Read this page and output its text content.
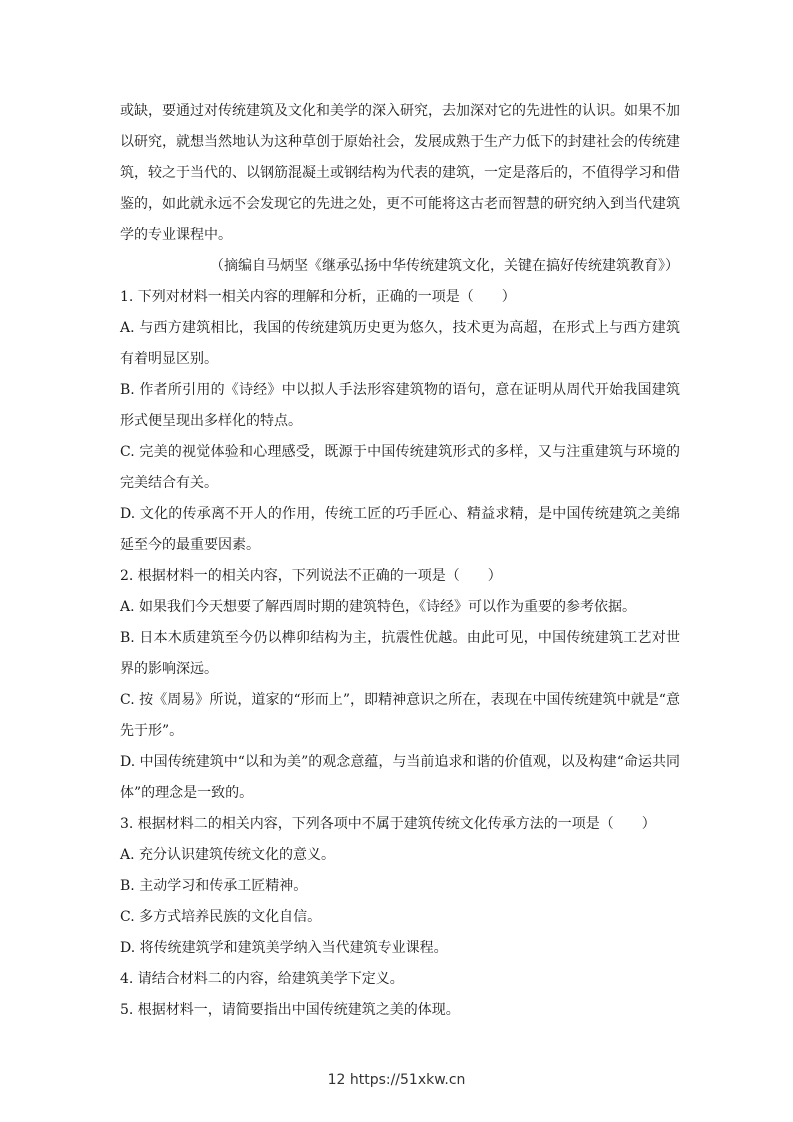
或缺，要通过对传统建筑及文化和美学的深入研究，去加深对它的先进性的认识。如果不加以研究，就想当然地认为这种草创于原始社会，发展成熟于生产力低下的封建社会的传统建筑，较之于当代的、以钢筋混凝土或钢结构为代表的建筑，一定是落后的，不值得学习和借鉴的，如此就永远不会发现它的先进之处，更不可能将这古老而智慧的研究纳入到当代建筑学的专业课程中。

（摘编自马炳坚《继承弘扬中华传统建筑文化，关键在搞好传统建筑教育》）

1. 下列对材料一相关内容的理解和分析，正确的一项是（　　）

A. 与西方建筑相比，我国的传统建筑历史更为悠久，技术更为高超，在形式上与西方建筑有着明显区别。

B. 作者所引用的《诗经》中以拟人手法形容建筑物的语句，意在证明从周代开始我国建筑形式便呈现出多样化的特点。

C. 完美的视觉体验和心理感受，既源于中国传统建筑形式的多样，又与注重建筑与环境的完美结合有关。

D. 文化的传承离不开人的作用，传统工匠的巧手匠心、精益求精，是中国传统建筑之美绵延至今的最重要因素。

2. 根据材料一的相关内容，下列说法不正确的一项是（　　）

A. 如果我们今天想要了解西周时期的建筑特色，《诗经》可以作为重要的参考依据。

B. 日本木质建筑至今仍以榫卯结构为主，抗震性优越。由此可见，中国传统建筑工艺对世界的影响深远。

C. 按《周易》所说，道家的“形而上”，即精神意识之所在，表现在中国传统建筑中就是“意先于形”。

D. 中国传统建筑中“以和为美”的观念意蕴，与当前追求和谐的价值观，以及构建“命运共同体”的理念是一致的。

3. 根据材料二的相关内容，下列各项中不属于建筑传统文化传承方法的一项是（　　）

A. 充分认识建筑传统文化的意义。

B. 主动学习和传承工匠精神。

C. 多方式培养民族的文化自信。

D. 将传统建筑学和建筑美学纳入当代建筑专业课程。

4. 请结合材料二的内容，给建筑美学下定义。

5. 根据材料一，请简要指出中国传统建筑之美的体现。

12 https://51xkw.cn
